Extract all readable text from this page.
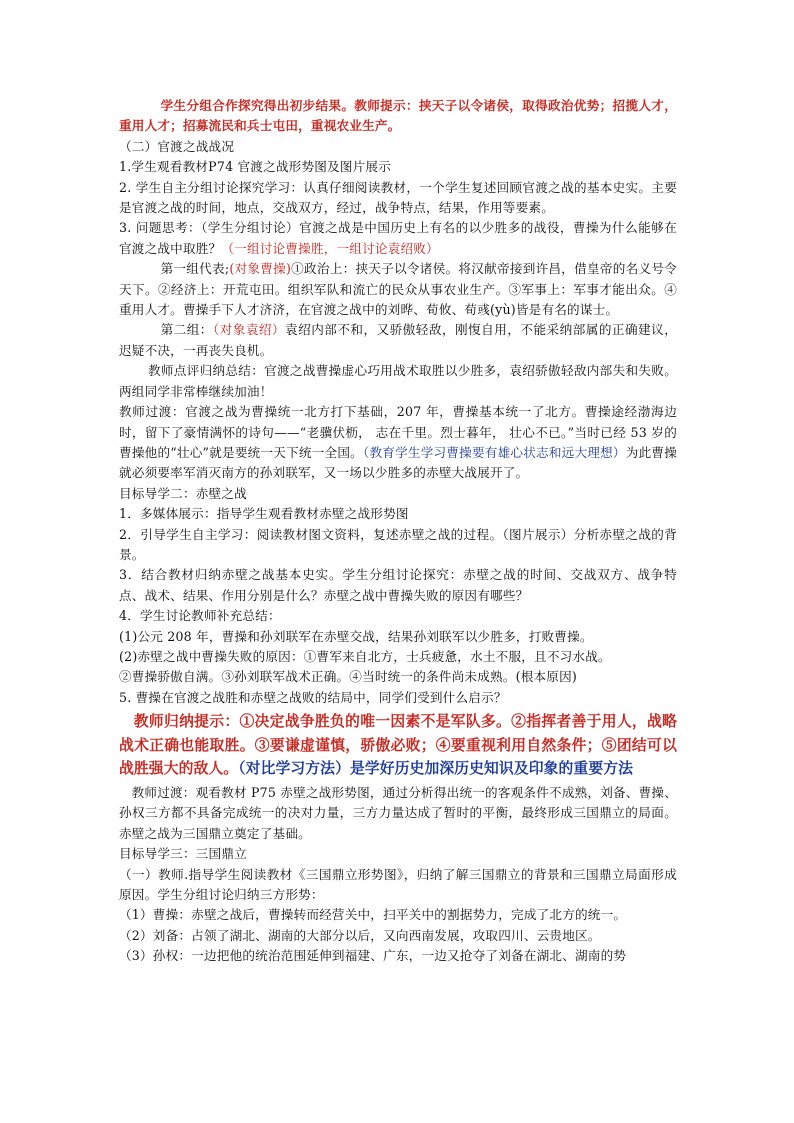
学生分组合作探究得出初步结果。教师提示：挟天子以令诸侯，取得政治优势；招揽人才，重用人才；招募流民和兵士屯田，重视农业生产。

（二）官渡之战战况

1.学生观看教材P74 官渡之战形势图及图片展示

2. 学生自主分组讨论探究学习：认真仔细阅读教材，一个学生复述回顾官渡之战的基本史实。主要是官渡之战的时间，地点，交战双方，经过，战争特点，结果，作用等要素。

3. 问题思考：（学生分组讨论）官渡之战是中国历史上有名的以少胜多的战役，曹操为什么能够在官渡之战中取胜？（一组讨论曹操胜，一组讨论袁绍败）

第一组代表;(对象曹操)①政治上：挟天子以令诸侯。将汉献帝接到许昌，借皇帝的名义号令天下。②经济上：开荒屯田。组织军队和流亡的民众从事农业生产。③军事上：军事才能出众。④重用人才。曹操手下人才济济，在官渡之战中的刘晔、荀攸、荀彧(yù)皆是有名的谋士。

第二组：（对象袁绍）袁绍内部不和，又骄傲轻敌，刚愎自用，不能采纳部属的正确建议，迟疑不决，一再丧失良机。

教师点评归纳总结：官渡之战曹操虚心巧用战术取胜以少胜多，袁绍骄傲轻敌内部失和失败。两组同学非常棒继续加油！

教师过渡：官渡之战为曹操统一北方打下基础，207 年，曹操基本统一了北方。曹操途经渤海边时，留下了豪情满怀的诗句——“老骥伏枥， 志在千里。烈士暮年， 壮心不已。”当时已经 53 岁的曹操他的“壮心”就是要统一天下统一全国。（教育学生学习曹操要有雄心状志和远大理想）为此曹操就必须要率军消灭南方的孙刘联军，又一场以少胜多的赤壁大战展开了。

目标导学二：赤壁之战

1．多媒体展示：指导学生观看教材赤壁之战形势图

2．引导学生自主学习：阅读教材图文资料，复述赤壁之战的过程。（图片展示）分析赤壁之战的背景。

3．结合教材归纳赤壁之战基本史实。学生分组讨论探究：赤壁之战的时间、交战双方、战争特点、战术、结果、作用分别是什么？赤壁之战中曹操失败的原因有哪些？

4．学生讨论教师补充总结：

(1)公元 208 年，曹操和孙刘联军在赤壁交战，结果孙刘联军以少胜多，打败曹操。

(2)赤壁之战中曹操失败的原因：①曹军来自北方，士兵疲惫，水土不服，且不习水战。

②曹操骄傲自满。③孙刘联军战术正确。④当时统一的条件尚未成熟。(根本原因)

5. 曹操在官渡之战胜和赤壁之战败的结局中，同学们受到什么启示？

教师归纳提示：①决定战争胜负的唯一因素不是军队多。②指挥者善于用人，战略战术正确也能取胜。③要谦虚谨慎，骄傲必败；④要重视利用自然条件；⑤团结可以战胜强大的敌人。（对比学习方法）是学好历史加深历史知识及印象的重要方法

教师过渡：观看教材 P75 赤壁之战形势图，通过分析得出统一的客观条件不成熟，刘备、曹操、孙权三方都不具备完成统一的决对力量，三方力量达成了暂时的平衡，最终形成三国鼎立的局面。赤壁之战为三国鼎立奠定了基础。

目标导学三：三国鼎立

（一）教师.指导学生阅读教材《三国鼎立形势图》，归纳了解三国鼎立的背景和三国鼎立局面形成原因。学生分组讨论归纳三方形势：

（1）曹操：赤壁之战后，曹操转而经营关中，扫平关中的割据势力，完成了北方的统一。

（2）刘备：占领了湖北、湖南的大部分以后，又向西南发展，攻取四川、云贵地区。

（3）孙权：一边把他的统治范围延伸到福建、广东，一边又抢夺了刘备在湖北、湖南的势
